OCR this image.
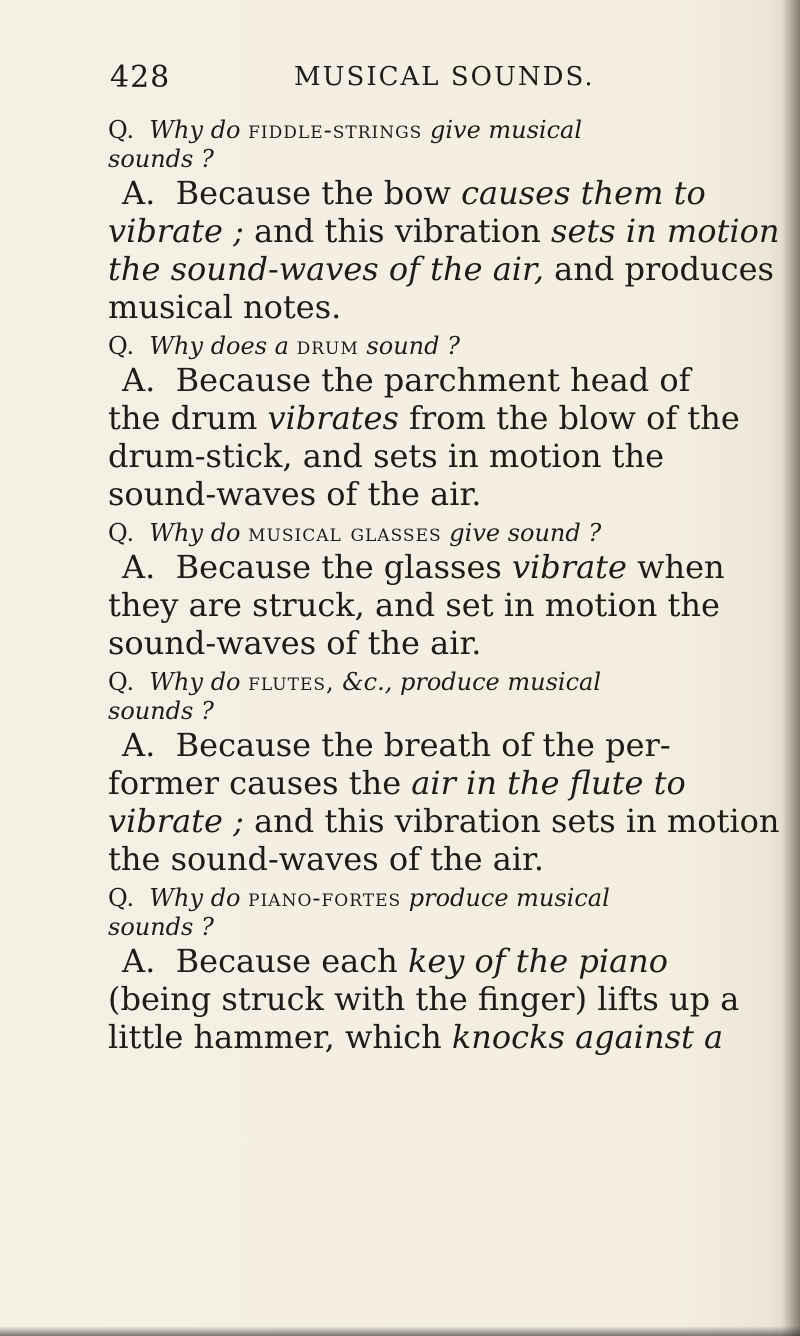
428	MUSICAL SOUNDS.

Q. Why do fiddle-strings give musical
sounds ?

A. Because the bow causes them to
vibrate ; and this vibration sets in motion
the sound-waves of the air, and produces
musical notes.

Q. Why does a drum sound ?

A. Because the parchment head of
the drum vibrates from the blow of the
drum-stick, and sets in motion the
sound-waves of the air.

Q. Why do musical glasses give sound ?

A. Because the glasses vibrate when
they are struck, and set in motion the
sound-waves of the air.

Q. Why do flutes, &c., produce musical
sounds ?

A. Because the breath of the per-
former causes the air in the flute to
vibrate ; and this vibration sets in motion
the sound-waves of the air.

Q. Why do piano-fortes produce musical
sounds ?

A. Because each key of the piano
(being struck with the finger) lifts up a
little hammer, which knocks against a
